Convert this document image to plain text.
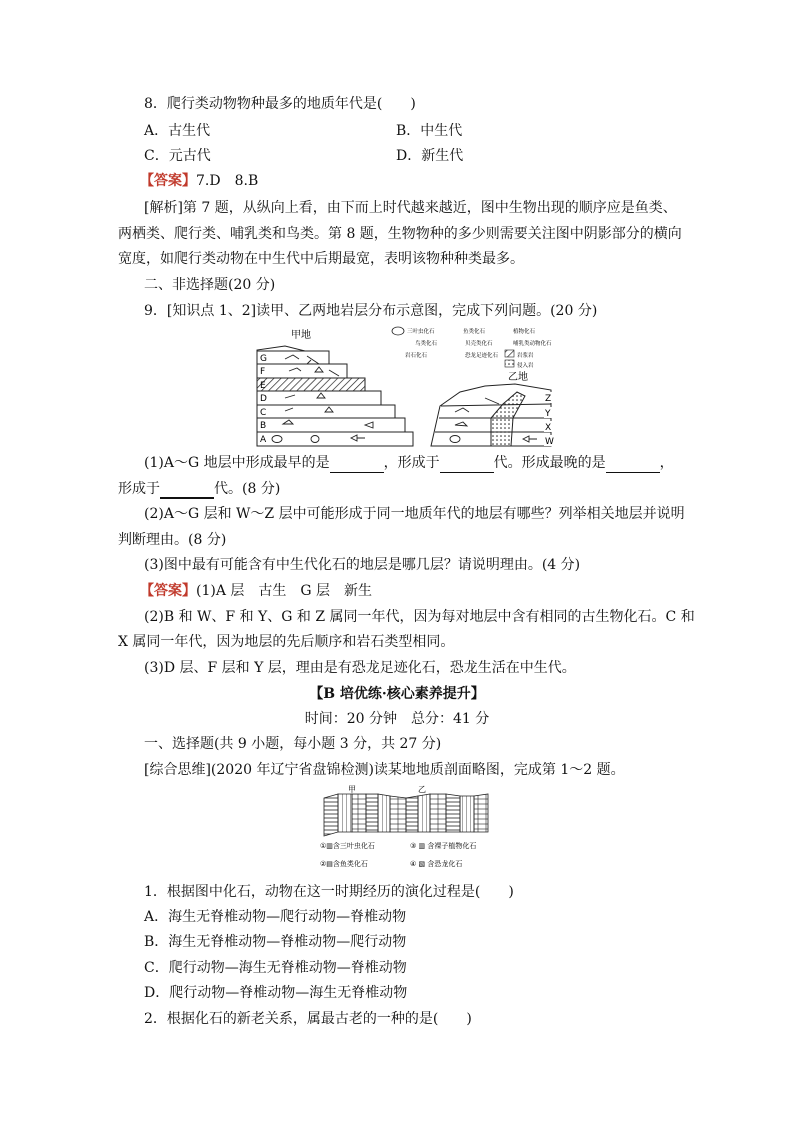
8．爬行类动物物种最多的地质年代是(　　)
A．古生代	B．中生代
C．元古代	D．新生代
【答案】7.D　8.B
[解析]第 7 题，从纵向上看，由下而上时代越来越近，图中生物出现的顺序应是鱼类、
两栖类、爬行类、哺乳类和鸟类。第 8 题，生物物种的多少则需要关注图中阴影部分的横向
宽度，如爬行类动物在中生代中后期最宽，表明该物种种类最多。
二、非选择题(20 分)
9．[知识点 1、2]读甲、乙两地岩层分布示意图，完成下列问题。(20 分)
甲地
G
F
E
D
C
B
A
三叶虫化石	鱼类化石	植物化石
鸟类化石	贝壳类化石	哺乳类动物化石
岩石化石	恐龙足迹化石	岩浆岩
侵入岩
乙地
Z
Y
X
W
(1)A～G 地层中形成最早的是	，形成于	代。形成最晚的是	，
形成于	代。(8 分)
(2)A～G 层和 W～Z 层中可能形成于同一地质年代的地层有哪些？列举相关地层并说明
判断理由。(8 分)
(3)图中最有可能含有中生代化石的地层是哪几层？请说明理由。(4 分)
【答案】(1)A 层　古生　G 层　新生
(2)B 和 W、F 和 Y、G 和 Z 属同一年代，因为每对地层中含有相同的古生物化石。C 和
X 属同一年代，因为地层的先后顺序和岩石类型相同。
(3)D 层、F 层和 Y 层，理由是有恐龙足迹化石，恐龙生活在中生代。
【B 培优练·核心素养提升】
时间：20 分钟　总分：41 分
一、选择题(共 9 小题，每小题 3 分，共 27 分)
[综合思维](2020 年辽宁省盘锦检测)读某地地质剖面略图，完成第 1～2 题。
甲	乙
①▥含三叶虫化石	③ ▥ 含裸子植物化石
②▤含鱼类化石	④ ▧ 含恐龙化石
1．根据图中化石，动物在这一时期经历的演化过程是(　　)
A．海生无脊椎动物—爬行动物—脊椎动物
B．海生无脊椎动物—脊椎动物—爬行动物
C．爬行动物—海生无脊椎动物—脊椎动物
D．爬行动物—脊椎动物—海生无脊椎动物
2．根据化石的新老关系，属最古老的一种的是(　　)
